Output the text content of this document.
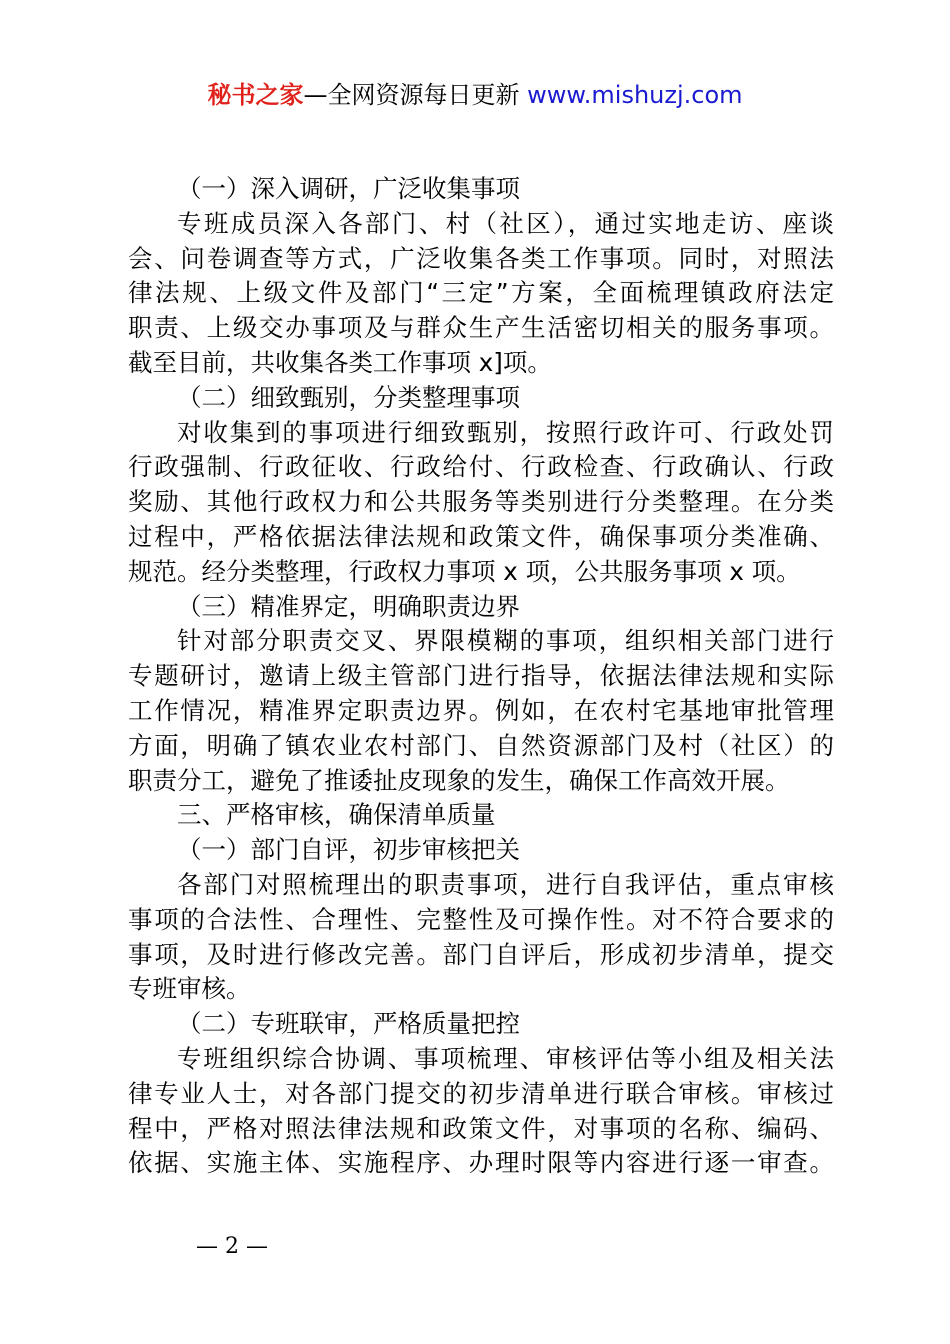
秘书之家—全网资源每日更新 www.mishuzj.com
（一）深入调研，广泛收集事项
专班成员深入各部门、村（社区），通过实地走访、座谈
会、问卷调查等方式，广泛收集各类工作事项。同时，对照法
律法规、上级文件及部门“三定”方案，全面梳理镇政府法定
职责、上级交办事项及与群众生产生活密切相关的服务事项。
截至目前，共收集各类工作事项 x]项。
（二）细致甄别，分类整理事项
对收集到的事项进行细致甄别，按照行政许可、行政处罚
行政强制、行政征收、行政给付、行政检查、行政确认、行政
奖励、其他行政权力和公共服务等类别进行分类整理。在分类
过程中，严格依据法律法规和政策文件，确保事项分类准确、
规范。经分类整理，行政权力事项 x 项，公共服务事项 x 项。
（三）精准界定，明确职责边界
针对部分职责交叉、界限模糊的事项，组织相关部门进行
专题研讨，邀请上级主管部门进行指导，依据法律法规和实际
工作情况，精准界定职责边界。例如，在农村宅基地审批管理
方面，明确了镇农业农村部门、自然资源部门及村（社区）的
职责分工，避免了推诿扯皮现象的发生，确保工作高效开展。
三、严格审核，确保清单质量
（一）部门自评，初步审核把关
各部门对照梳理出的职责事项，进行自我评估，重点审核
事项的合法性、合理性、完整性及可操作性。对不符合要求的
事项，及时进行修改完善。部门自评后，形成初步清单，提交
专班审核。
（二）专班联审，严格质量把控
专班组织综合协调、事项梳理、审核评估等小组及相关法
律专业人士，对各部门提交的初步清单进行联合审核。审核过
程中，严格对照法律法规和政策文件，对事项的名称、编码、
依据、实施主体、实施程序、办理时限等内容进行逐一审查。
— 2 —
